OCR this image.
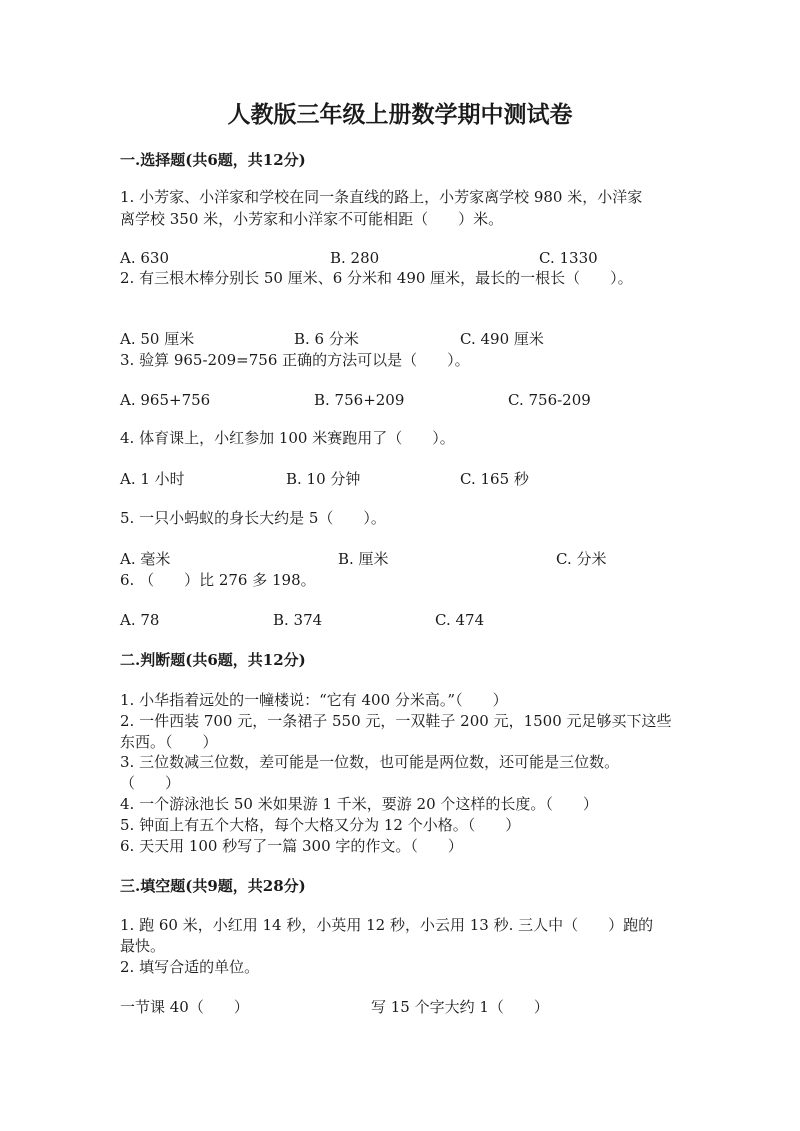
人教版三年级上册数学期中测试卷
一.选择题(共6题，共12分)
1. 小芳家、小洋家和学校在同一条直线的路上，小芳家离学校 980 米，小洋家
离学校 350 米，小芳家和小洋家不可能相距（　　）米。
A. 630	B. 280	C. 1330
2. 有三根木棒分别长 50 厘米、6 分米和 490 厘米，最长的一根长（　　）。
A. 50 厘米	B. 6 分米	C. 490 厘米
3. 验算 965-209=756 正确的方法可以是（　　）。
A. 965+756	B. 756+209	C. 756-209
4. 体育课上，小红参加 100 米赛跑用了（　　）。
A. 1 小时	B. 10 分钟	C. 165 秒
5. 一只小蚂蚁的身长大约是 5（　　）。
A. 毫米	B. 厘米	C. 分米
6. （　　）比 276 多 198。
A. 78	B. 374	C. 474
二.判断题(共6题，共12分)
1. 小华指着远处的一幢楼说：“它有 400 分米高。”（　　）
2. 一件西装 700 元，一条裙子 550 元，一双鞋子 200 元，1500 元足够买下这些
东西。（　　）
3. 三位数减三位数，差可能是一位数，也可能是两位数，还可能是三位数。
（　　）
4. 一个游泳池长 50 米如果游 1 千米，要游 20 个这样的长度。（　　）
5. 钟面上有五个大格，每个大格又分为 12 个小格。（　　）
6. 天天用 100 秒写了一篇 300 字的作文。（　　）
三.填空题(共9题，共28分)
1. 跑 60 米，小红用 14 秒，小英用 12 秒，小云用 13 秒. 三人中（　　）跑的
最快。
2. 填写合适的单位。
一节课 40（　　）	写 15 个字大约 1（　　）
